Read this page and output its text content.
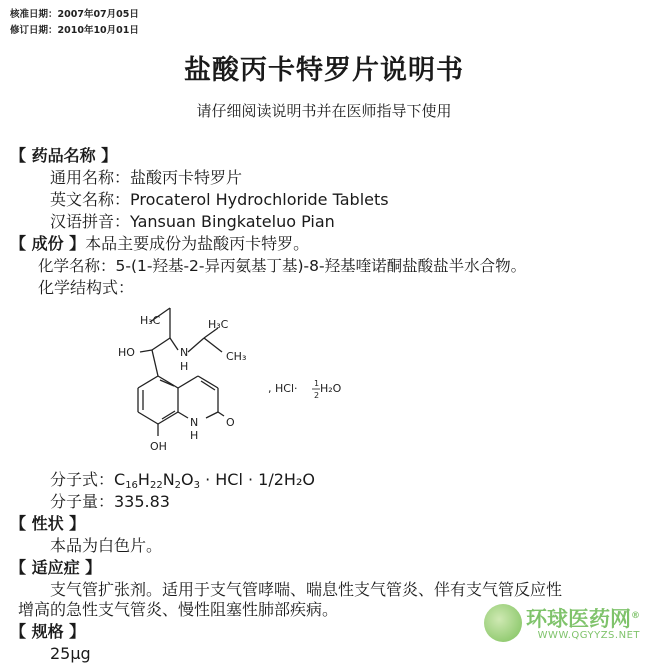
核准日期：2007年07月05日
修订日期：2010年10月01日
盐酸丙卡特罗片说明书
请仔细阅读说明书并在医师指导下使用
【 药品名称 】
通用名称：盐酸丙卡特罗片
英文名称：Procaterol Hydrochloride Tablets
汉语拼音：Yansuan Bingkateluo Pian
【 成份 】本品主要成份为盐酸丙卡特罗。
化学名称：5-(1-羟基-2-异丙氨基丁基)-8-羟基喹诺酮盐酸盐半水合物。
化学结构式：
H₃C
HO	N
H
H₃C
CH₃
OH
N
H
O
, HCl· 1
2
H₂O
分子式：$C_{16}H_{22}N_2O_3$ · HCl · 1/2H₂O
分子量：335.83
【 性状 】
本品为白色片。
【 适应症 】
支气管扩张剂。适用于支气管哮喘、喘息性支气管炎、伴有支气管反应性
增高的急性支气管炎、慢性阻塞性肺部疾病。
【 规格 】
25μg
环球医药网®
WWW.QGYYZS.NET
